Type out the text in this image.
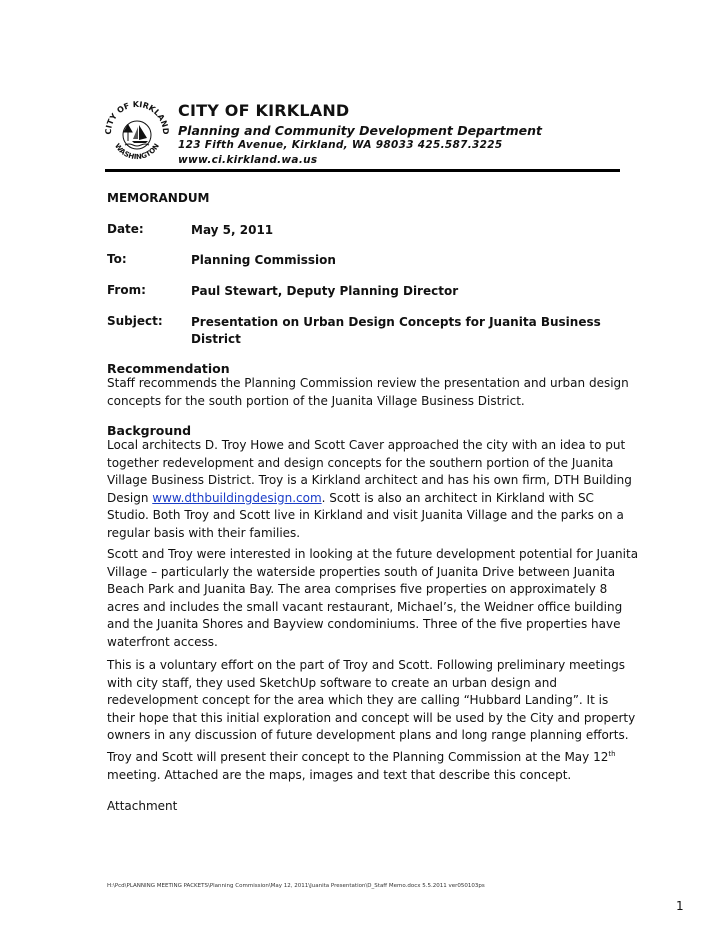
CITY OF KIRKLAND
WASHINGTON
CITY OF KIRKLAND
Planning and Community Development Department
123 Fifth Avenue, Kirkland, WA 98033 425.587.3225
www.ci.kirkland.wa.us
MEMORANDUM
Date:	May 5, 2011
To:	Planning Commission
From:	Paul Stewart, Deputy Planning Director
Subject: Presentation on Urban Design Concepts for Juanita Business
District
Recommendation
Staff recommends the Planning Commission review the presentation and urban design
concepts for the south portion of the Juanita Village Business District.
Background
Local architects D. Troy Howe and Scott Caver approached the city with an idea to put
together redevelopment and design concepts for the southern portion of the Juanita
Village Business District. Troy is a Kirkland architect and has his own firm, DTH Building
Design www.dthbuildingdesign.com. Scott is also an architect in Kirkland with SC
Studio. Both Troy and Scott live in Kirkland and visit Juanita Village and the parks on a
regular basis with their families.
Scott and Troy were interested in looking at the future development potential for Juanita
Village – particularly the waterside properties south of Juanita Drive between Juanita
Beach Park and Juanita Bay. The area comprises five properties on approximately 8
acres and includes the small vacant restaurant, Michael’s, the Weidner office building
and the Juanita Shores and Bayview condominiums. Three of the five properties have
waterfront access.
This is a voluntary effort on the part of Troy and Scott. Following preliminary meetings
with city staff, they used SketchUp software to create an urban design and
redevelopment concept for the area which they are calling “Hubbard Landing”. It is
their hope that this initial exploration and concept will be used by the City and property
owners in any discussion of future development plans and long range planning efforts.
Troy and Scott will present their concept to the Planning Commission at the May 12th
meeting. Attached are the maps, images and text that describe this concept.
Attachment
H:\Pcd\PLANNING MEETING PACKETS\Planning Commission\May 12, 2011\Juanita Presentation\D_Staff Memo.docx 5.5.2011 ver050103ps
1
